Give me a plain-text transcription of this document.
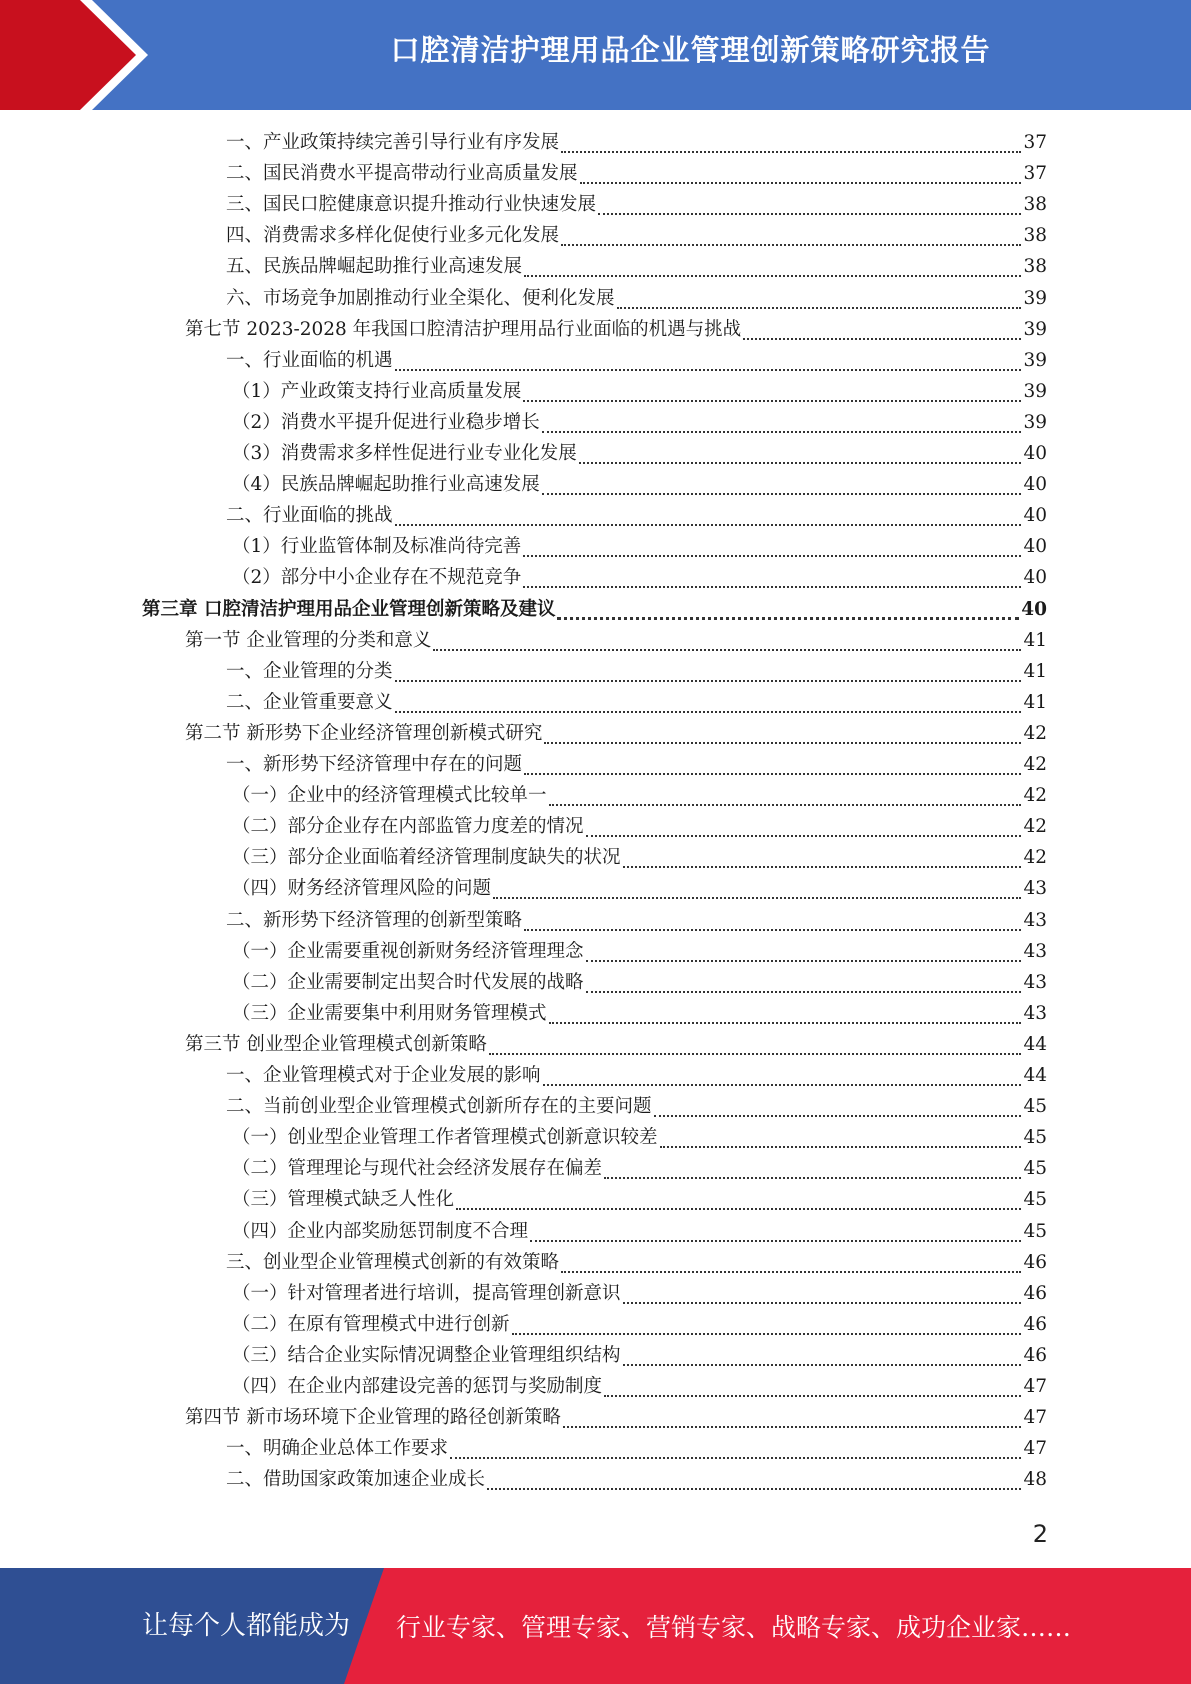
口腔清洁护理用品企业管理创新策略研究报告
一、产业政策持续完善引导行业有序发展	37
二、国民消费水平提高带动行业高质量发展	37
三、国民口腔健康意识提升推动行业快速发展	38
四、消费需求多样化促使行业多元化发展	38
五、民族品牌崛起助推行业高速发展	38
六、市场竞争加剧推动行业全渠化、便利化发展	39
第七节 2023-2028 年我国口腔清洁护理用品行业面临的机遇与挑战	39
一、行业面临的机遇	39
（1）产业政策支持行业高质量发展	39
（2）消费水平提升促进行业稳步增长	39
（3）消费需求多样性促进行业专业化发展	40
（4）民族品牌崛起助推行业高速发展	40
二、行业面临的挑战	40
（1）行业监管体制及标准尚待完善	40
（2）部分中小企业存在不规范竞争	40
第三章 口腔清洁护理用品企业管理创新策略及建议	40
第一节 企业管理的分类和意义	41
一、企业管理的分类	41
二、企业管重要意义	41
第二节 新形势下企业经济管理创新模式研究	42
一、新形势下经济管理中存在的问题	42
（一）企业中的经济管理模式比较单一	42
（二）部分企业存在内部监管力度差的情况	42
（三）部分企业面临着经济管理制度缺失的状况	42
（四）财务经济管理风险的问题	43
二、新形势下经济管理的创新型策略	43
（一）企业需要重视创新财务经济管理理念	43
（二）企业需要制定出契合时代发展的战略	43
（三）企业需要集中利用财务管理模式	43
第三节 创业型企业管理模式创新策略	44
一、企业管理模式对于企业发展的影响	44
二、当前创业型企业管理模式创新所存在的主要问题	45
（一）创业型企业管理工作者管理模式创新意识较差	45
（二）管理理论与现代社会经济发展存在偏差	45
（三）管理模式缺乏人性化	45
（四）企业内部奖励惩罚制度不合理	45
三、创业型企业管理模式创新的有效策略	46
（一）针对管理者进行培训，提高管理创新意识	46
（二）在原有管理模式中进行创新	46
（三）结合企业实际情况调整企业管理组织结构	46
（四）在企业内部建设完善的惩罚与奖励制度	47
第四节 新市场环境下企业管理的路径创新策略	47
一、明确企业总体工作要求	47
二、借助国家政策加速企业成长	48
2
让每个人都能成为 行业专家、管理专家、营销专家、战略专家、成功企业家……
